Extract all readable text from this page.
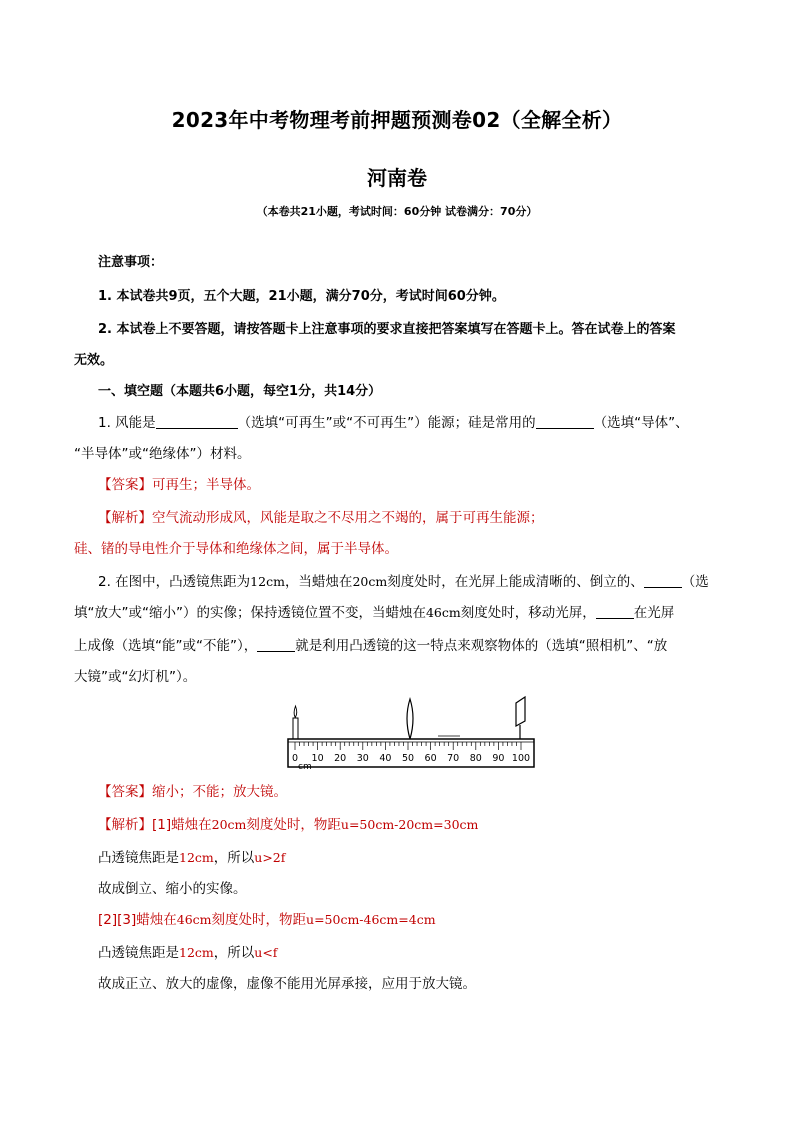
2023年中考物理考前押题预测卷02（全解全析）
河南卷
（本卷共21小题，考试时间：60分钟 试卷满分：70分）
注意事项：
1. 本试卷共9页，五个大题，21小题，满分70分，考试时间60分钟。
2. 本试卷上不要答题，请按答题卡上注意事项的要求直接把答案填写在答题卡上。答在试卷上的答案
无效。
一、填空题（本题共6小题，每空1分，共14分）
1. 风能是	（选填“可再生”或“不可再生”）能源；硅是常用的	（选填“导体”、
“半导体”或“绝缘体”）材料。
【答案】可再生；半导体。
【解析】空气流动形成风，风能是取之不尽用之不竭的，属于可再生能源；
硅、锗的导电性介于导体和绝缘体之间，属于半导体。
2. 在图中，凸透镜焦距为12cm，当蜡烛在20cm刻度处时，在光屏上能成清晰的、倒立的、	（选
填“放大”或“缩小”）的实像；保持透镜位置不变，当蜡烛在46cm刻度处时，移动光屏，	在光屏
上成像（选填“能”或“不能”），	就是利用凸透镜的这一特点来观察物体的（选填“照相机”、“放
大镜”或“幻灯机”）。
0 10 20 30 40 50 60 70 80 90 100
cm
【答案】缩小；不能；放大镜。
【解析】[1]蜡烛在20cm刻度处时，物距u=50cm-20cm=30cm
凸透镜焦距是12cm，所以u>2f
故成倒立、缩小的实像。
[2][3]蜡烛在46cm刻度处时，物距u=50cm-46cm=4cm
凸透镜焦距是12cm，所以u<f
故成正立、放大的虚像，虚像不能用光屏承接，应用于放大镜。
